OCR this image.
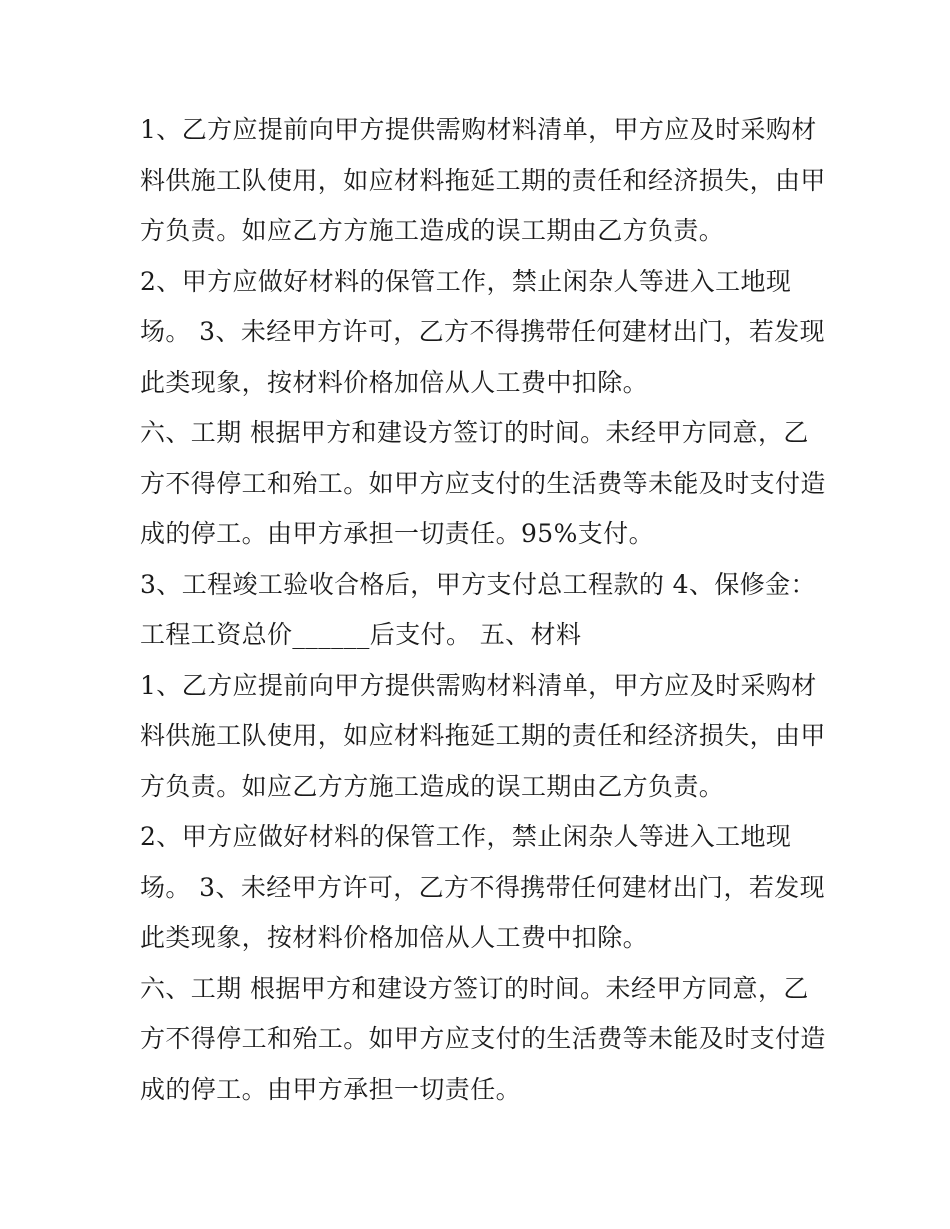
1、乙方应提前向甲方提供需购材料清单，甲方应及时采购材
料供施工队使用，如应材料拖延工期的责任和经济损失，由甲
方负责。如应乙方方施工造成的误工期由乙方负责。
2、甲方应做好材料的保管工作，禁止闲杂人等进入工地现
场。 3、未经甲方许可，乙方不得携带任何建材出门，若发现
此类现象，按材料价格加倍从人工费中扣除。
六、工期 根据甲方和建设方签订的时间。未经甲方同意，乙
方不得停工和殆工。如甲方应支付的生活费等未能及时支付造
成的停工。由甲方承担一切责任。95%支付。
3、工程竣工验收合格后，甲方支付总工程款的 4、保修金：
工程工资总价______后支付。 五、材料
1、乙方应提前向甲方提供需购材料清单，甲方应及时采购材
料供施工队使用，如应材料拖延工期的责任和经济损失，由甲
方负责。如应乙方方施工造成的误工期由乙方负责。
2、甲方应做好材料的保管工作，禁止闲杂人等进入工地现
场。 3、未经甲方许可，乙方不得携带任何建材出门，若发现
此类现象，按材料价格加倍从人工费中扣除。
六、工期 根据甲方和建设方签订的时间。未经甲方同意，乙
方不得停工和殆工。如甲方应支付的生活费等未能及时支付造
成的停工。由甲方承担一切责任。
